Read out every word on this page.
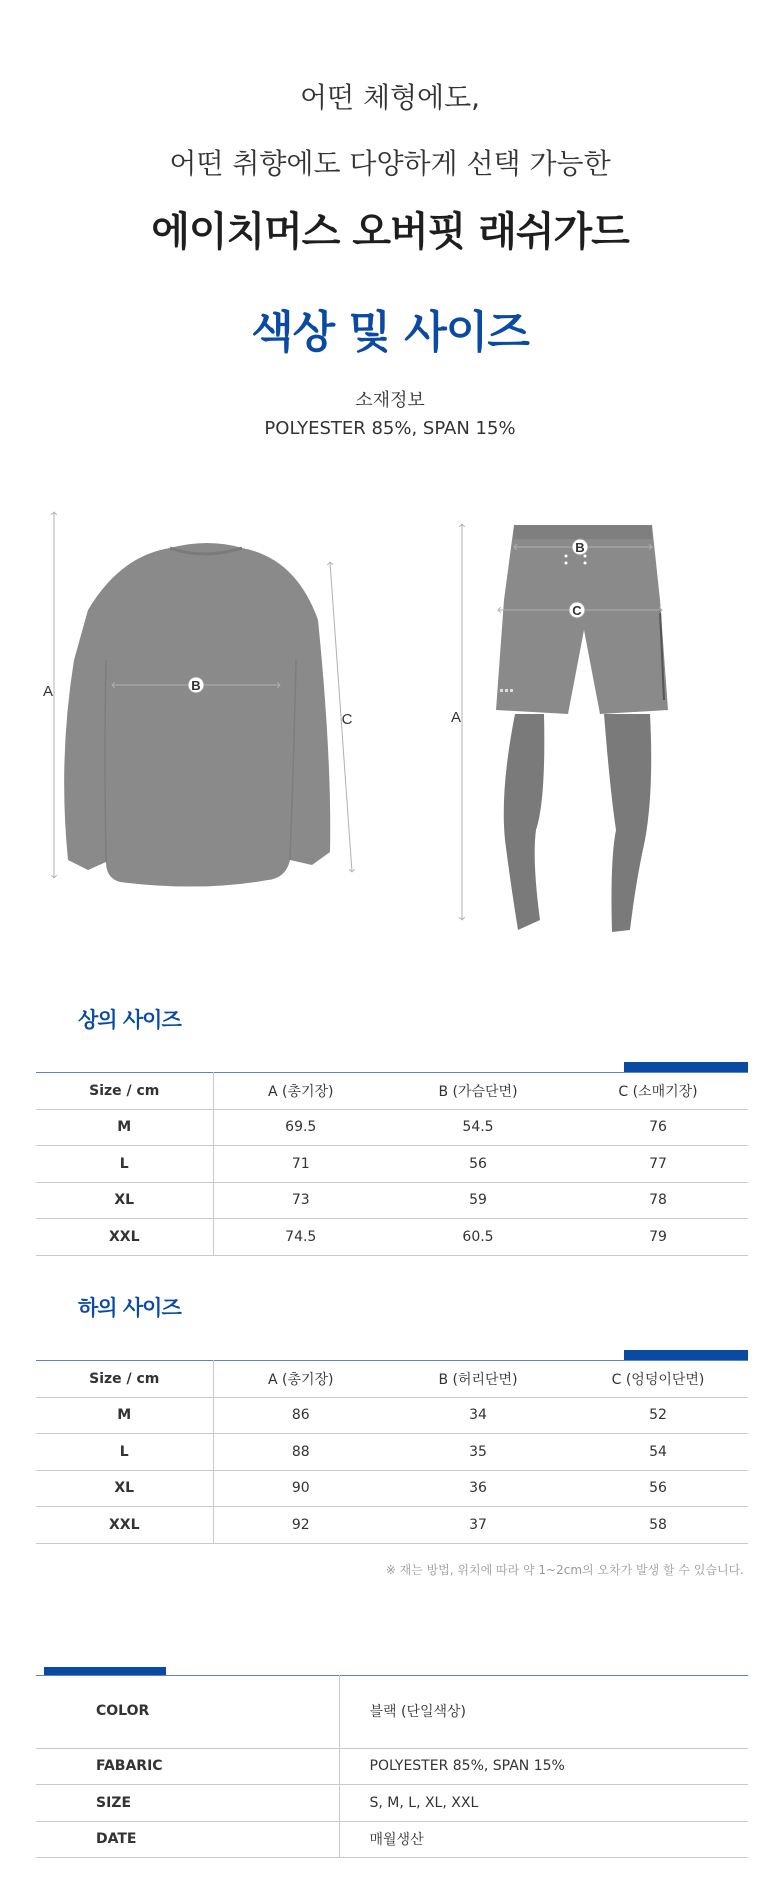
어떤 체형에도,
어떤 취향에도 다양하게 선택 가능한
에이치머스 오버핏 래쉬가드
색상 및 사이즈
소재정보
POLYESTER 85%, SPAN 15%
A	B
C	A
B
C
상의 사이즈
Size / cm	A (총기장)	B (가슴단면)	C (소매기장)
M	69.5	54.5	76
L	71	56	77
XL	73	59	78
XXL	74.5	60.5	79
하의 사이즈
Size / cm	A (총기장)	B (허리단면)	C (엉덩이단면)
M	86	34	52
L	88	35	54
XL	90	36	56
XXL	92	37	58
※ 재는 방법, 위치에 따라 약 1~2cm의 오차가 발생 할 수 있습니다.
COLOR	블랙 (단일색상)
FABARIC	POLYESTER 85%, SPAN 15%
SIZE	S, M, L, XL, XXL
DATE	매월생산
